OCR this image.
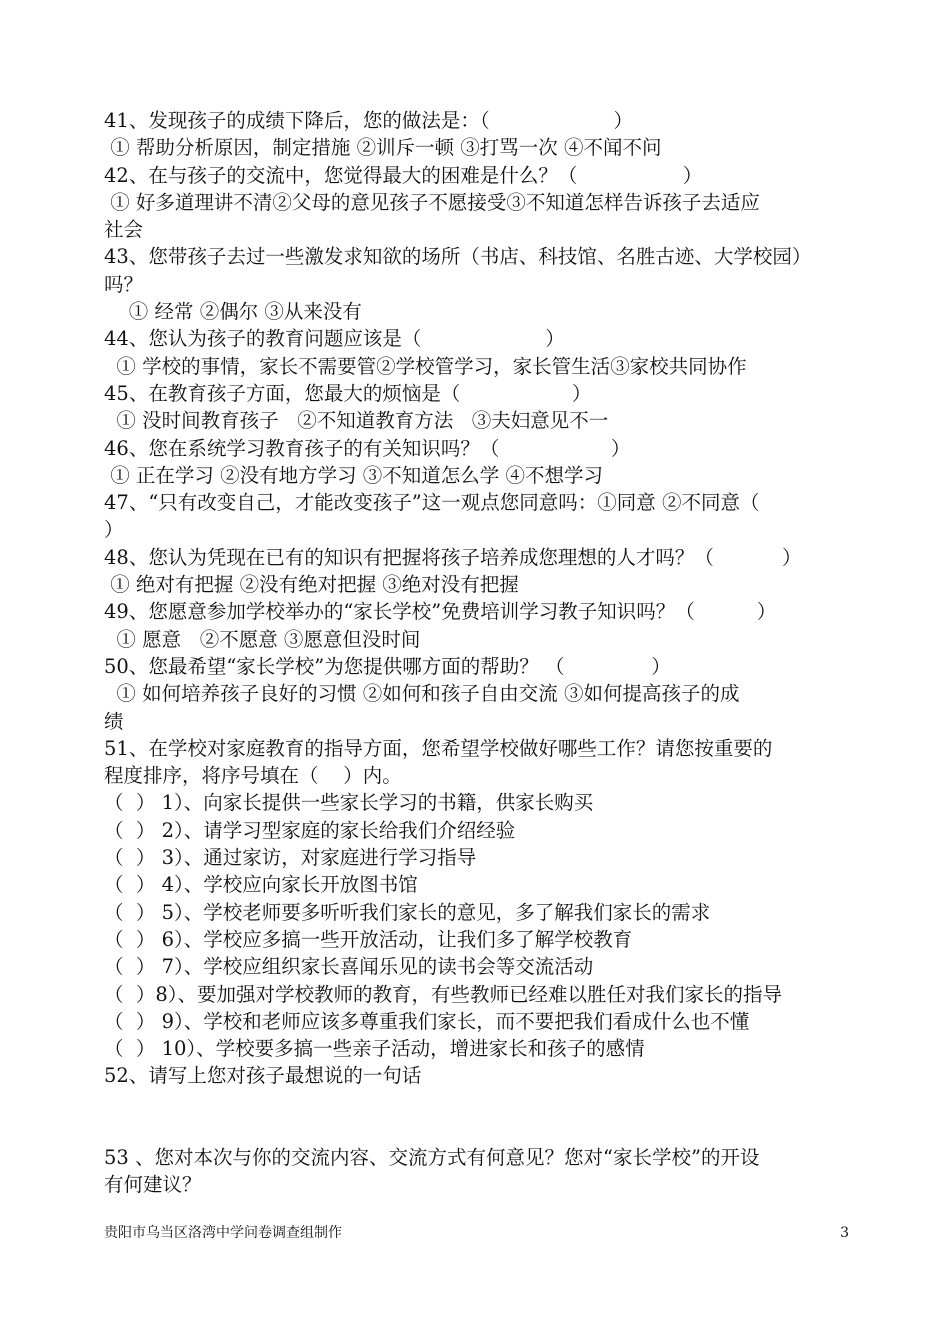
41、发现孩子的成绩下降后，您的做法是：（                    ）
① 帮助分析原因，制定措施 ②训斥一顿 ③打骂一次 ④不闻不问
42、在与孩子的交流中，您觉得最大的困难是什么？（                 ）
① 好多道理讲不清②父母的意见孩子不愿接受③不知道怎样告诉孩子去适应
社会
43、您带孩子去过一些激发求知欲的场所（书店、科技馆、名胜古迹、大学校园）
吗？
① 经常 ②偶尔 ③从来没有
44、您认为孩子的教育问题应该是（                    ）
① 学校的事情，家长不需要管②学校管学习，家长管生活③家校共同协作
45、在教育孩子方面，您最大的烦恼是（                  ）
① 没时间教育孩子   ②不知道教育方法   ③夫妇意见不一
46、您在系统学习教育孩子的有关知识吗？（                  ）
① 正在学习 ②没有地方学习 ③不知道怎么学 ④不想学习
47、“只有改变自己，才能改变孩子”这一观点您同意吗：①同意 ②不同意（
）
48、您认为凭现在已有的知识有把握将孩子培养成您理想的人才吗？（           ）
① 绝对有把握 ②没有绝对把握 ③绝对没有把握
49、您愿意参加学校举办的“家长学校”免费培训学习教子知识吗？（          ）
① 愿意   ②不愿意 ③愿意但没时间
50、您最希望“家长学校”为您提供哪方面的帮助？ （              ）
① 如何培养孩子良好的习惯 ②如何和孩子自由交流 ③如何提高孩子的成
绩
51、在学校对家庭教育的指导方面，您希望学校做好哪些工作？请您按重要的
程度排序，将序号填在（    ）内。
（  ） 1）、向家长提供一些家长学习的书籍，供家长购买
（  ） 2）、请学习型家庭的家长给我们介绍经验
（  ） 3）、通过家访，对家庭进行学习指导
（  ） 4）、学校应向家长开放图书馆
（  ） 5）、学校老师要多听听我们家长的意见，多了解我们家长的需求
（  ） 6）、学校应多搞一些开放活动，让我们多了解学校教育
（  ） 7）、学校应组织家长喜闻乐见的读书会等交流活动
（  ）8）、要加强对学校教师的教育，有些教师已经难以胜任对我们家长的指导
（  ） 9）、学校和老师应该多尊重我们家长，而不要把我们看成什么也不懂
（  ） 10）、学校要多搞一些亲子活动，增进家长和孩子的感情
52、请写上您对孩子最想说的一句话
53 、您对本次与你的交流内容、交流方式有何意见？您对“家长学校”的开设
有何建议？
贵阳市乌当区洛湾中学问卷调查组制作	3
